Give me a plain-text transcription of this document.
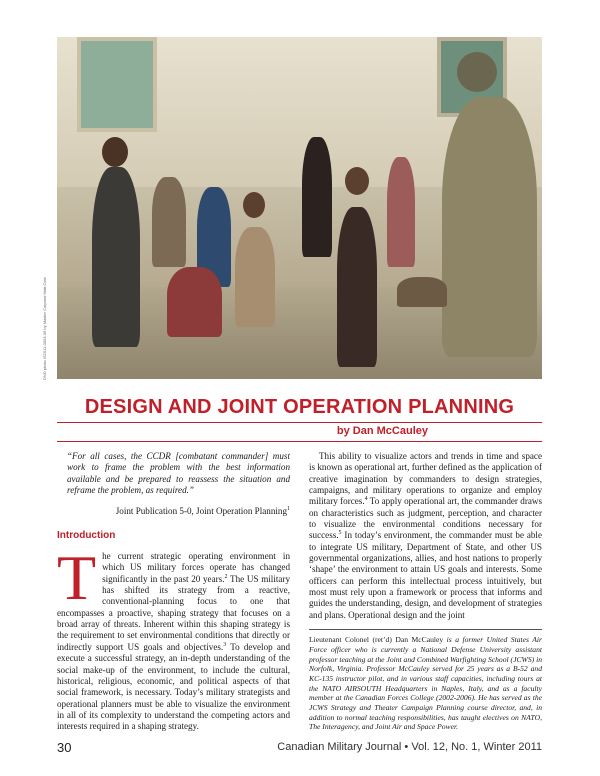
DND photo IS2011-0003-06 by Master Corporal Matt Cote
DESIGN AND JOINT OPERATION PLANNING
by Dan McCauley

“For all cases, the CCDR [combatant commander] must work to frame the problem with the best information available and be prepared to reassess the situation and reframe the problem, as required.”

Joint Publication 5-0, Joint Operation Planning$^1$

Introduction

The current strategic operating environment in which US military forces operate has changed significantly in the past 20 years.$^2$ The US military has shifted its strategy from a reactive, conventional-planning focus to one that encompasses a proactive, shaping strategy that focuses on a broad array of threats. Inherent within this shaping strategy is the requirement to set environmental conditions that directly or indirectly support US goals and objectives.$^3$ To develop and execute a successful strategy, an in-depth understanding of the social make-up of the environment, to include the cultural, historical, religious, economic, and political aspects of that social framework, is necessary. Today’s military strategists and operational planners must be able to visualize the environment in all of its complexity to understand the competing actors and interests required in a shaping strategy.

This ability to visualize actors and trends in time and space is known as operational art, further defined as the application of creative imagination by commanders to design strategies, campaigns, and military operations to organize and employ military forces.$^4$ To apply operational art, the commander draws on characteristics such as judgment, perception, and character to visualize the environmental conditions necessary for success.$^5$ In today’s environment, the commander must be able to integrate US military, Department of State, and other US governmental organizations, allies, and host nations to properly ‘shape’ the environment to attain US goals and interests. Some officers can perform this intellectual process intuitively, but most must rely upon a framework or process that informs and guides the understanding, design, and development of strategies and plans. Operational design and the joint

Lieutenant Colonel (ret’d) Dan McCauley is a former United States Air Force officer who is currently a National Defense University assistant professor teaching at the Joint and Combined Warfighting School (JCWS) in Norfolk, Virginia. Professor McCauley served for 25 years as a B-52 and KC-135 instructor pilot, and in various staff capacities, including tours at the NATO AIRSOUTH Headquarters in Naples, Italy, and as a faculty member at the Canadian Forces College (2002-2006). He has served as the JCWS Strategy and Theater Campaign Planning course director, and, in addition to normal teaching responsibilities, has taught electives on NATO, The Interagency, and Joint Air and Space Power.
30	Canadian Military Journal • Vol. 12, No. 1, Winter 2011
